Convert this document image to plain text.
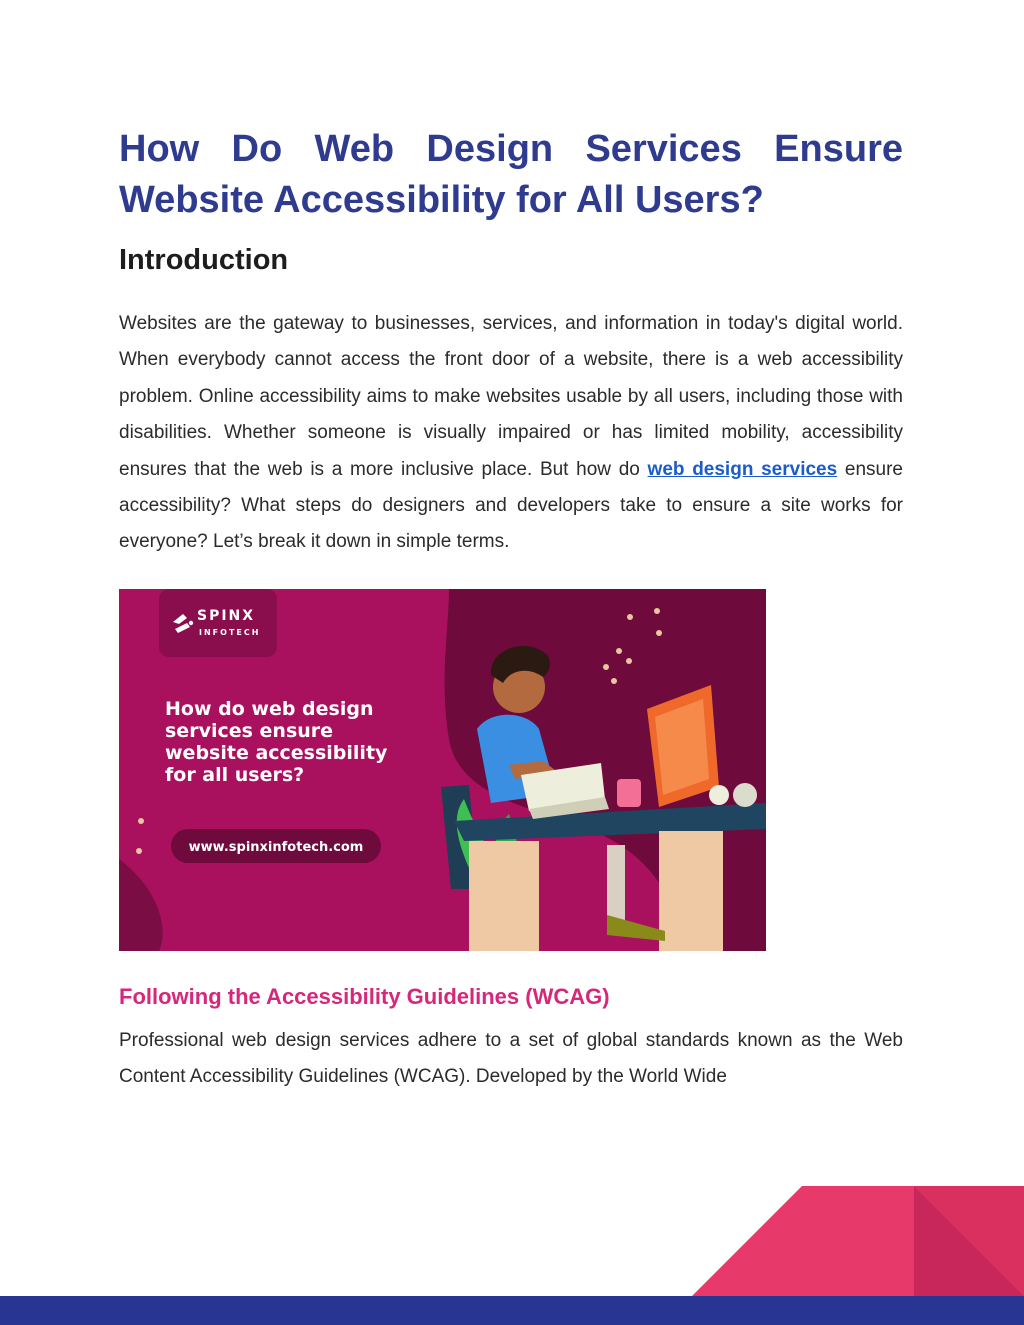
How Do Web Design Services Ensure Website Accessibility for All Users?
Introduction

Websites are the gateway to businesses, services, and information in today's digital world. When everybody cannot access the front door of a website, there is a web accessibility problem. Online accessibility aims to make websites usable by all users, including those with disabilities. Whether someone is visually impaired or has limited mobility, accessibility ensures that the web is a more inclusive place. But how do web design services ensure accessibility? What steps do designers and developers take to ensure a site works for everyone? Let’s break it down in simple terms.

SPINX
INFOTECH
How do web design
services ensure
website accessibility
for all users?
www.spinxinfotech.com
Following the Accessibility Guidelines (WCAG)

Professional web design services adhere to a set of global standards known as the Web Content Accessibility Guidelines (WCAG). Developed by the World Wide
